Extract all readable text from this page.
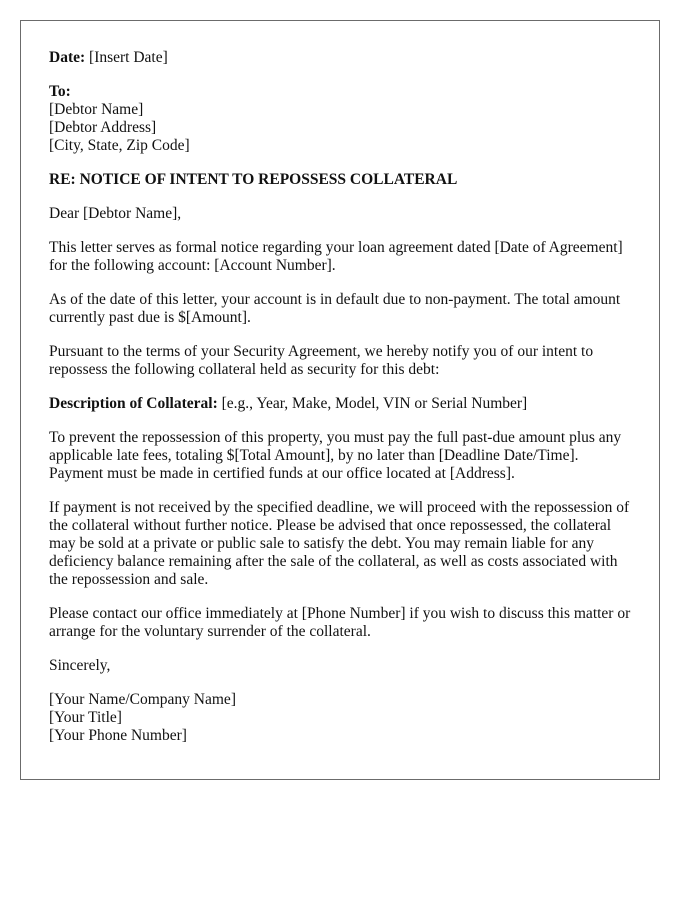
Date: [Insert Date]
To:
[Debtor Name]
[Debtor Address]
[City, State, Zip Code]
RE: NOTICE OF INTENT TO REPOSSESS COLLATERAL
Dear [Debtor Name],
This letter serves as formal notice regarding your loan agreement dated [Date of Agreement] for the following account: [Account Number].
As of the date of this letter, your account is in default due to non-payment. The total amount currently past due is $[Amount].
Pursuant to the terms of your Security Agreement, we hereby notify you of our intent to repossess the following collateral held as security for this debt:
Description of Collateral: [e.g., Year, Make, Model, VIN or Serial Number]
To prevent the repossession of this property, you must pay the full past-due amount plus any applicable late fees, totaling $[Total Amount], by no later than [Deadline Date/Time]. Payment must be made in certified funds at our office located at [Address].
If payment is not received by the specified deadline, we will proceed with the repossession of the collateral without further notice. Please be advised that once repossessed, the collateral may be sold at a private or public sale to satisfy the debt. You may remain liable for any deficiency balance remaining after the sale of the collateral, as well as costs associated with the repossession and sale.
Please contact our office immediately at [Phone Number] if you wish to discuss this matter or arrange for the voluntary surrender of the collateral.
Sincerely,
[Your Name/Company Name]
[Your Title]
[Your Phone Number]
